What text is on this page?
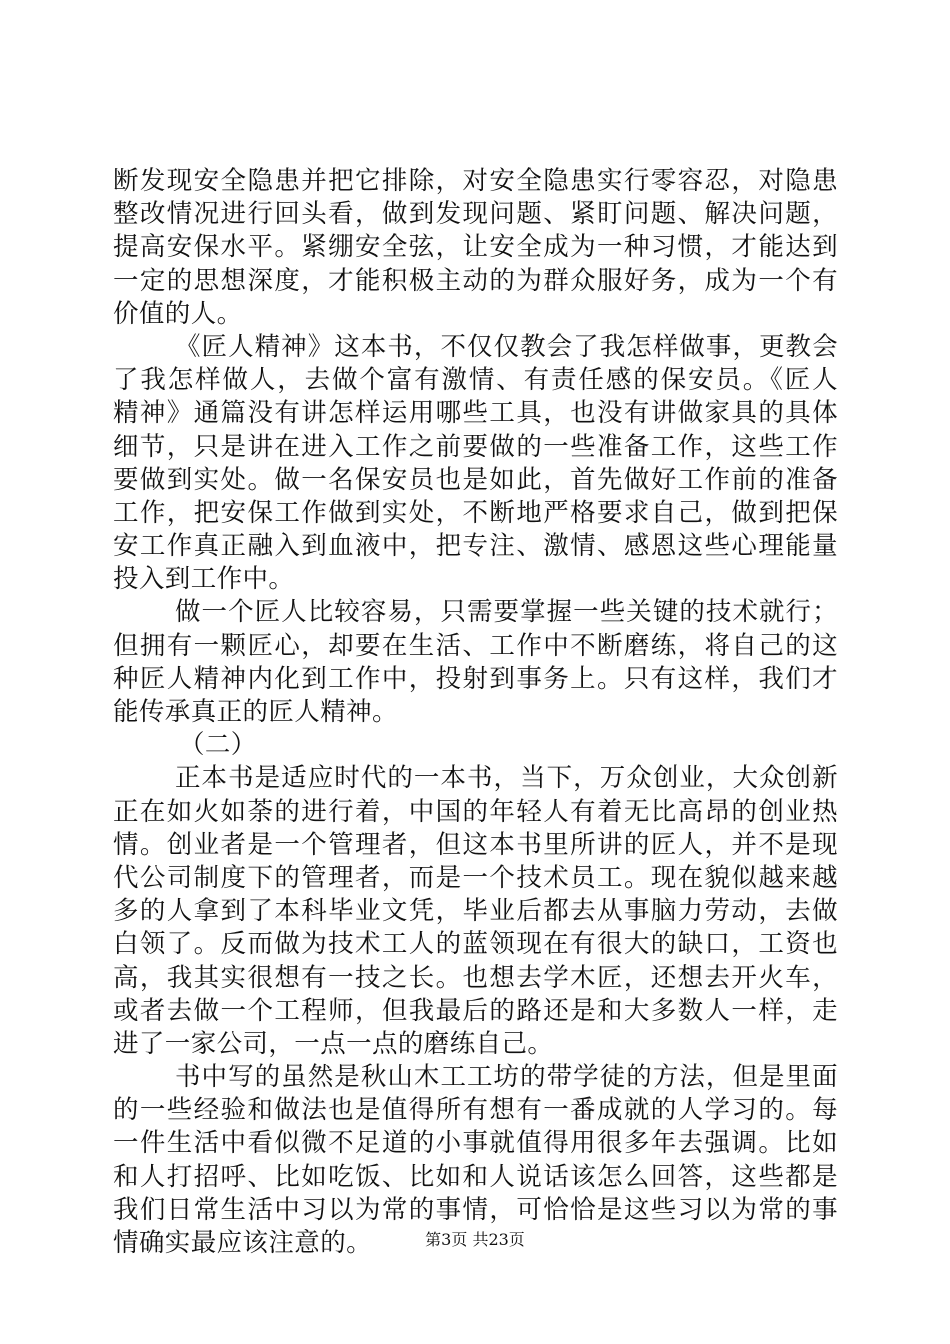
断发现安全隐患并把它排除，对安全隐患实行零容忍，对隐患
整改情况进行回头看，做到发现问题、紧盯问题、解决问题，
提高安保水平。紧绷安全弦，让安全成为一种习惯，才能达到
一定的思想深度，才能积极主动的为群众服好务，成为一个有
价值的人。
《匠人精神》这本书，不仅仅教会了我怎样做事，更教会
了我怎样做人，去做个富有激情、有责任感的保安员。《匠人
精神》通篇没有讲怎样运用哪些工具，也没有讲做家具的具体
细节，只是讲在进入工作之前要做的一些准备工作，这些工作
要做到实处。做一名保安员也是如此，首先做好工作前的准备
工作，把安保工作做到实处，不断地严格要求自己，做到把保
安工作真正融入到血液中，把专注、激情、感恩这些心理能量
投入到工作中。
做一个匠人比较容易，只需要掌握一些关键的技术就行；
但拥有一颗匠心，却要在生活、工作中不断磨练，将自己的这
种匠人精神内化到工作中，投射到事务上。只有这样，我们才
能传承真正的匠人精神。
（二）
正本书是适应时代的一本书，当下，万众创业，大众创新
正在如火如荼的进行着，中国的年轻人有着无比高昂的创业热
情。创业者是一个管理者，但这本书里所讲的匠人，并不是现
代公司制度下的管理者，而是一个技术员工。现在貌似越来越
多的人拿到了本科毕业文凭，毕业后都去从事脑力劳动，去做
白领了。反而做为技术工人的蓝领现在有很大的缺口，工资也
高，我其实很想有一技之长。也想去学木匠，还想去开火车，
或者去做一个工程师，但我最后的路还是和大多数人一样，走
进了一家公司，一点一点的磨练自己。
书中写的虽然是秋山木工工坊的带学徒的方法，但是里面
的一些经验和做法也是值得所有想有一番成就的人学习的。每
一件生活中看似微不足道的小事就值得用很多年去强调。比如
和人打招呼、比如吃饭、比如和人说话该怎么回答，这些都是
我们日常生活中习以为常的事情，可恰恰是这些习以为常的事
情确实最应该注意的。	第3页 共23页
